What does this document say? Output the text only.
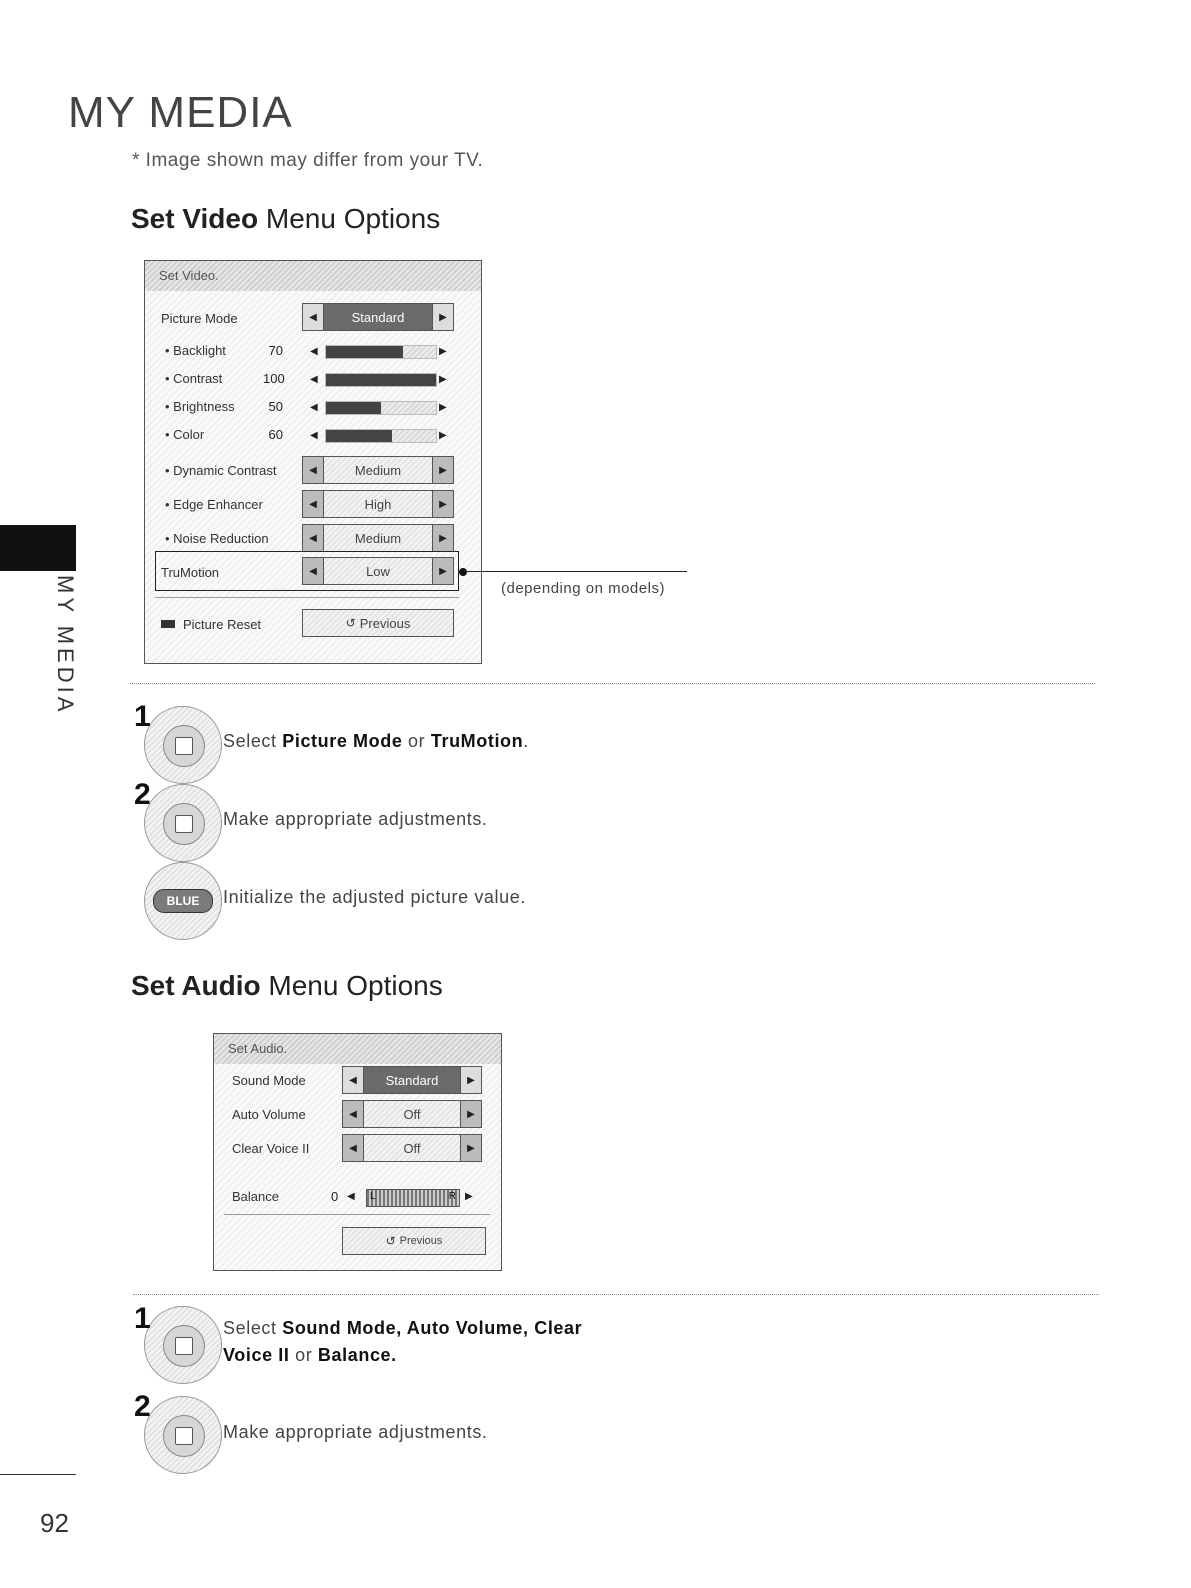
MY MEDIA
* Image shown may differ from your TV.
MY MEDIA
Set Video Menu Options
Set Video.
Picture Mode	◀	Standard	▶
• Backlight	70	◀	▶
• Contrast	100	◀	▶
• Brightness	50	◀	▶
• Color	60	◀	▶
• Dynamic Contrast	◀	Medium	▶
• Edge Enhancer	◀	High	▶
• Noise Reduction	◀	Medium	▶
TruMotion	◀	Low	▶
Picture Reset	↺ Previous
(depending on models)
1
Select Picture Mode or TruMotion.
2
Make appropriate adjustments.
BLUE	Initialize the adjusted picture value.
Set Audio Menu Options
Set Audio.
Sound Mode	◀	Standard	▶
Auto Volume	◀	Off	▶
Clear Voice II	◀	Off	▶
Balance	0 ◀ L	R ▶
↺ Previous
1	Select Sound Mode, Auto Volume, Clear
Voice II or Balance.
2
Make appropriate adjustments.
92
